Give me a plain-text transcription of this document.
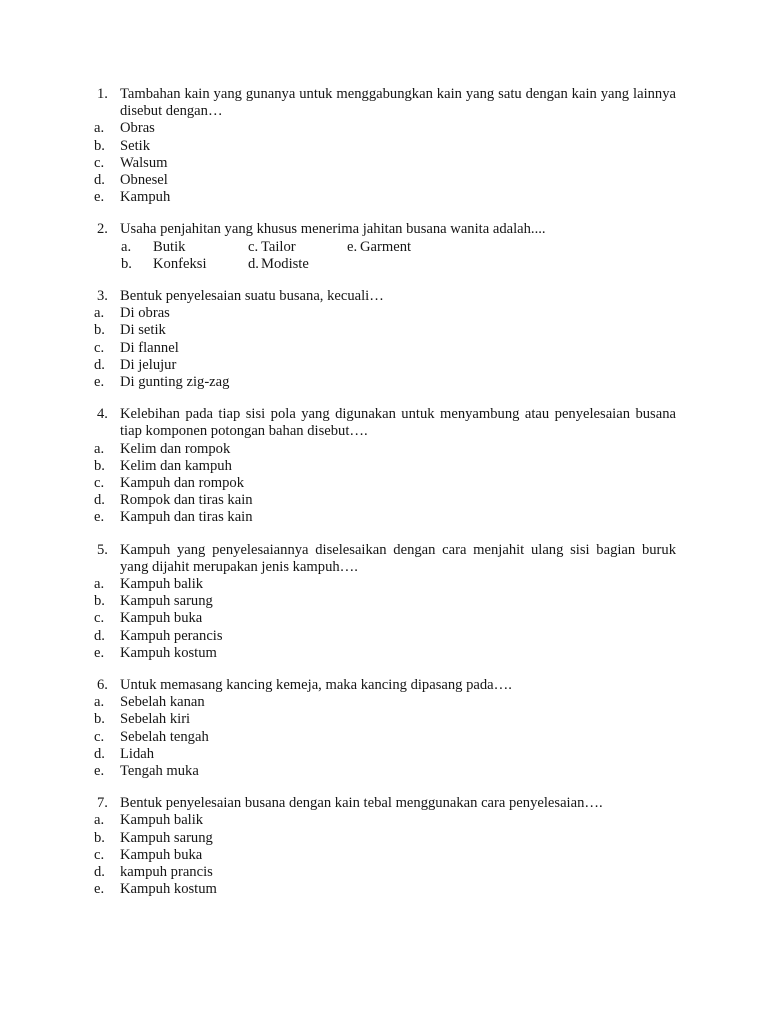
1. Tambahan kain yang gunanya untuk menggabungkan kain yang satu dengan kain yang lainnya disebut dengan…

a.	Obras
b.	Setik
c.	Walsum
d.	Obnesel
e.	Kampuh

2. Usaha penjahitan yang khusus menerima jahitan busana wanita adalah....

a. Butik	c. Tailor	e. Garment
b. Konfeksi	d. Modiste

3. Bentuk penyelesaian suatu busana, kecuali…

a.	Di obras
b.	Di setik
c.	Di flannel
d.	Di jelujur
e.	Di gunting zig-zag

4. Kelebihan pada tiap sisi pola yang digunakan untuk menyambung atau penyelesaian busana tiap komponen potongan bahan disebut….

a.	Kelim dan rompok
b.	Kelim dan kampuh
c.	Kampuh dan rompok
d.	Rompok dan tiras kain
e.	Kampuh dan tiras kain

5. Kampuh yang penyelesaiannya diselesaikan dengan cara menjahit ulang sisi bagian buruk yang dijahit merupakan jenis kampuh….

a.	Kampuh balik
b.	Kampuh sarung
c.	Kampuh buka
d.	Kampuh perancis
e.	Kampuh kostum

6. Untuk memasang kancing kemeja, maka kancing dipasang pada….

a.	Sebelah kanan
b.	Sebelah kiri
c.	Sebelah tengah
d.	Lidah
e.	Tengah muka

7. Bentuk penyelesaian busana dengan kain tebal menggunakan cara penyelesaian….

a.	Kampuh balik
b.	Kampuh sarung
c.	Kampuh buka
d.	kampuh prancis
e.	Kampuh kostum
